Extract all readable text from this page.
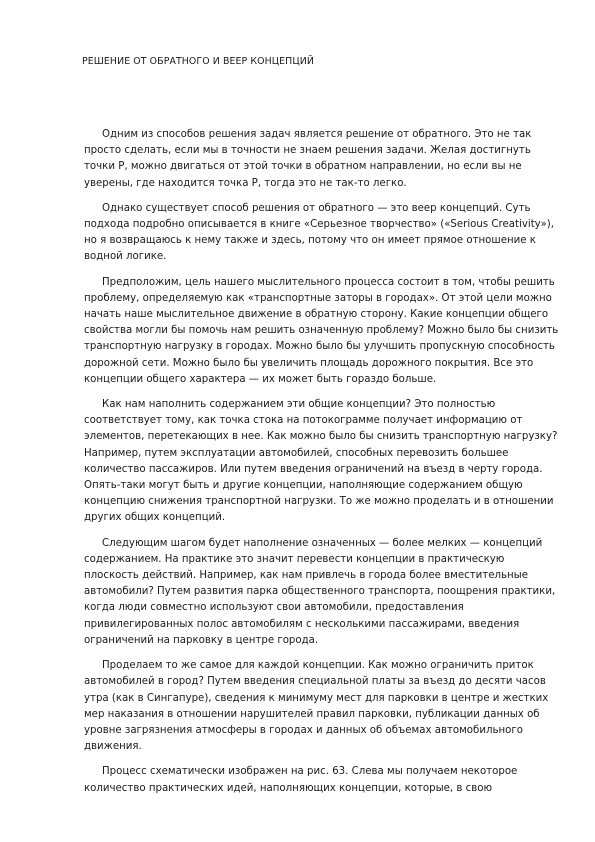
РЕШЕНИЕ ОТ ОБРАТНОГО И ВЕЕР КОНЦЕПЦИЙ

Одним из способов решения задач является решение от обратного. Это не так просто сделать, если мы в точности не знаем решения задачи. Желая достигнуть точки Р, можно двигаться от этой точки в обратном направлении, но если вы не уверены, где находится точка Р, тогда это не так-то легко.

Однако существует способ решения от обратного — это веер концепций. Суть подхода подробно описывается в книге «Серьезное творчество» («Serious Creativity»), но я возвращаюсь к нему также и здесь, потому что он имеет прямое отношение к водной логике.

Предположим, цель нашего мыслительного процесса состоит в том, чтобы решить проблему, определяемую как «транспортные заторы в городах». От этой цели можно начать наше мыслительное движение в обратную сторону. Какие концепции общего свойства могли бы помочь нам решить означенную проблему? Можно было бы снизить транспортную нагрузку в городах. Можно было бы улучшить пропускную способность дорожной сети. Можно было бы увеличить площадь дорожного покрытия. Все это концепции общего характера — их может быть гораздо больше.

Как нам наполнить содержанием эти общие концепции? Это полностью соответствует тому, как точка стока на потокограмме получает информацию от элементов, перетекающих в нее. Как можно было бы снизить транспортную нагрузку? Например, путем эксплуатации автомобилей, способных перевозить большее количество пассажиров. Или путем введения ограничений на въезд в черту города. Опять-таки могут быть и другие концепции, наполняющие содержанием общую концепцию снижения транспортной нагрузки. То же можно проделать и в отношении других общих концепций.

Следующим шагом будет наполнение означенных — более мелких — концепций содержанием. На практике это значит перевести концепции в практическую плоскость действий. Например, как нам привлечь в города более вместительные автомобили? Путем развития парка общественного транспорта, поощрения практики, когда люди совместно используют свои автомобили, предоставления привилегированных полос автомобилям с несколькими пассажирами, введения ограничений на парковку в центре города.

Проделаем то же самое для каждой концепции. Как можно ограничить приток автомобилей в город? Путем введения специальной платы за въезд до десяти часов утра (как в Сингапуре), сведения к минимуму мест для парковки в центре и жестких мер наказания в отношении нарушителей правил парковки, публикации данных об уровне загрязнения атмосферы в городах и данных об объемах автомобильного движения.

Процесс схематически изображен на рис. 63. Слева мы получаем некоторое количество практических идей, наполняющих концепции, которые, в свою
